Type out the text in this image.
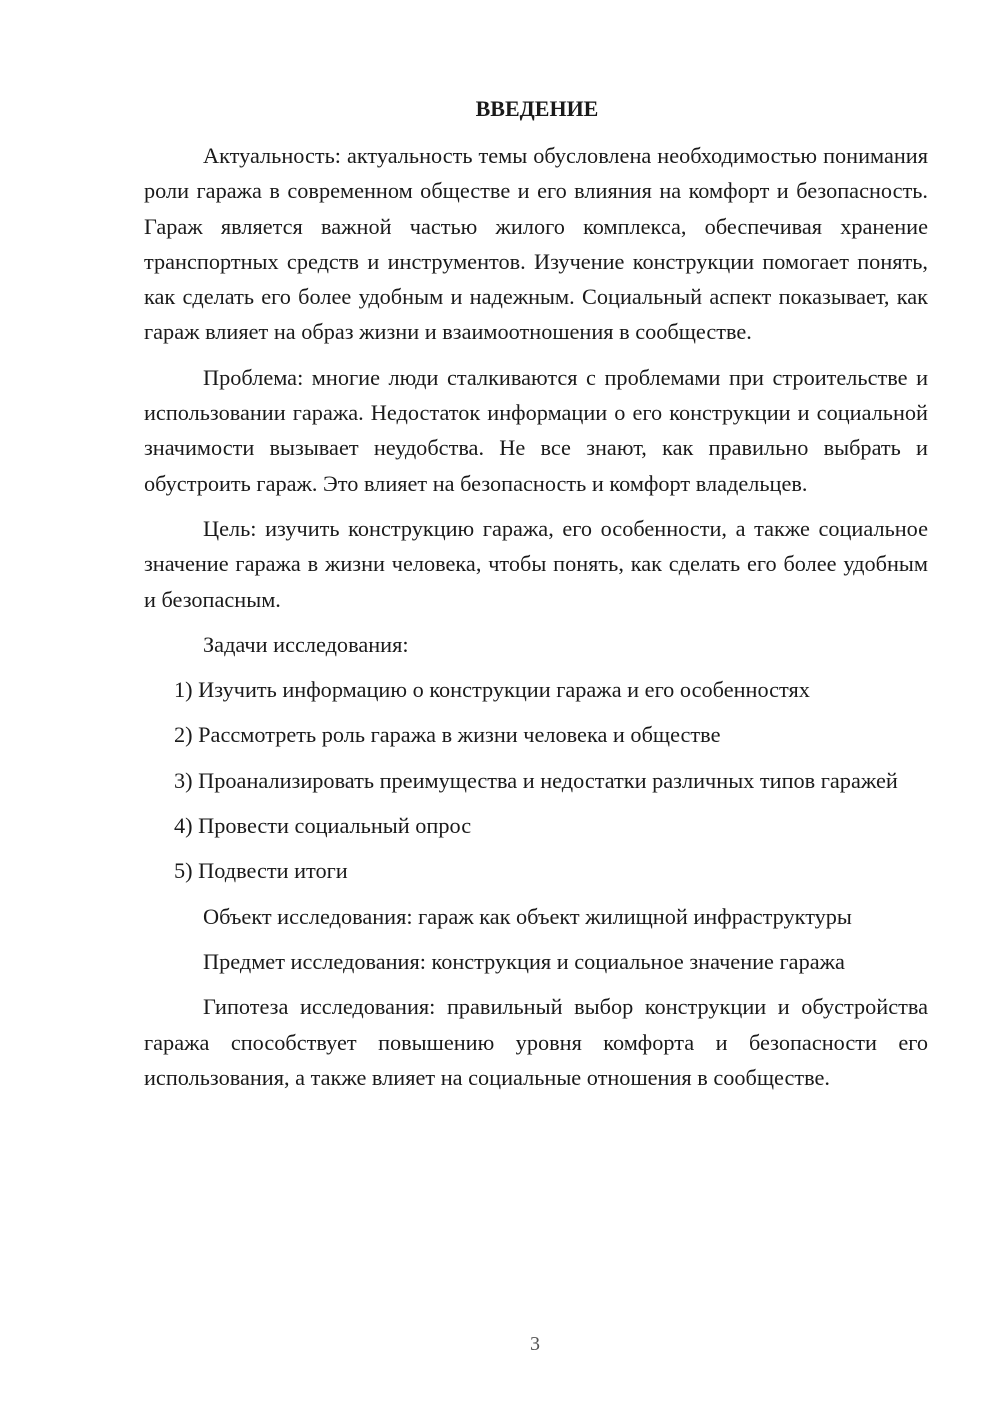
ВВЕДЕНИЕ

Актуальность: актуальность темы обусловлена необходимостью понимания роли гаража в современном обществе и его влияния на комфорт и безопасность. Гараж является важной частью жилого комплекса, обеспечивая хранение транспортных средств и инструментов. Изучение конструкции помогает понять, как сделать его более удобным и надежным. Социальный аспект показывает, как гараж влияет на образ жизни и взаимоотношения в сообществе.

Проблема: многие люди сталкиваются с проблемами при строительстве и использовании гаража. Недостаток информации о его конструкции и социальной значимости вызывает неудобства. Не все знают, как правильно выбрать и обустроить гараж. Это влияет на безопасность и комфорт владельцев.

Цель: изучить конструкцию гаража, его особенности, а также социальное значение гаража в жизни человека, чтобы понять, как сделать его более удобным и безопасным.

Задачи исследования:

1) Изучить информацию о конструкции гаража и его особенностях

2) Рассмотреть роль гаража в жизни человека и обществе

3) Проанализировать преимущества и недостатки различных типов гаражей

4) Провести социальный опрос

5) Подвести итоги

Объект исследования: гараж как объект жилищной инфраструктуры

Предмет исследования: конструкция и социальное значение гаража

Гипотеза исследования: правильный выбор конструкции и обустройства гаража способствует повышению уровня комфорта и безопасности его использования, а также влияет на социальные отношения в сообществе.

3
